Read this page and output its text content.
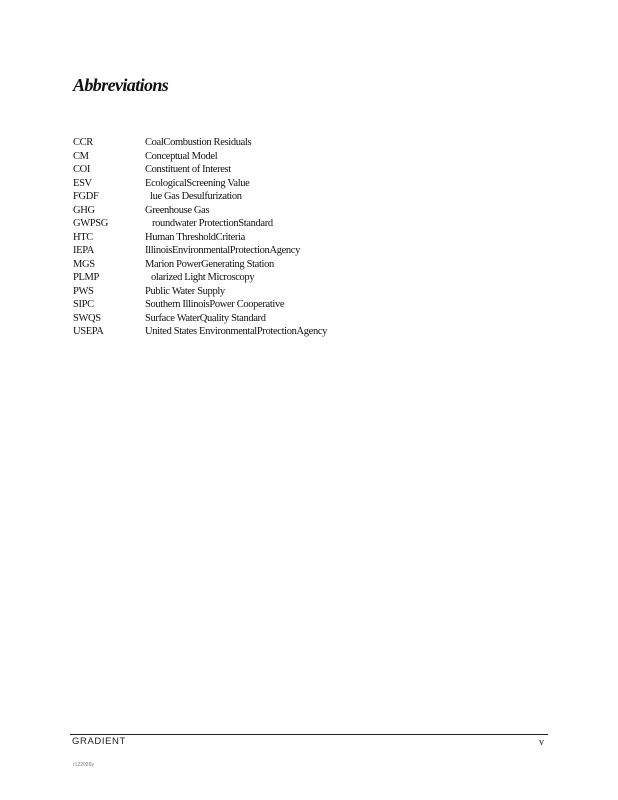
Abbreviations
CCR	CoalCombustion Residuals
CM	Conceptual Model
COI	Constituent of Interest
ESV	EcologicalScreening Value
FGDF	lue Gas Desulfurization
GHG	Greenhouse Gas
GWPSG	roundwater ProtectionStandard
HTC	Human ThresholdCriteria
IEPA	IllinoisEnvironmentalProtectionAgency
MGS	Marion PowerGenerating Station
PLMP	olarized Light Microscopy
PWS	Public Water Supply
SIPC	Southern IllinoisPower Cooperative
SWQS	Surface WaterQuality Standard
USEPA	United States EnvironmentalProtectionAgency
GRADIENT	v
r122026y
